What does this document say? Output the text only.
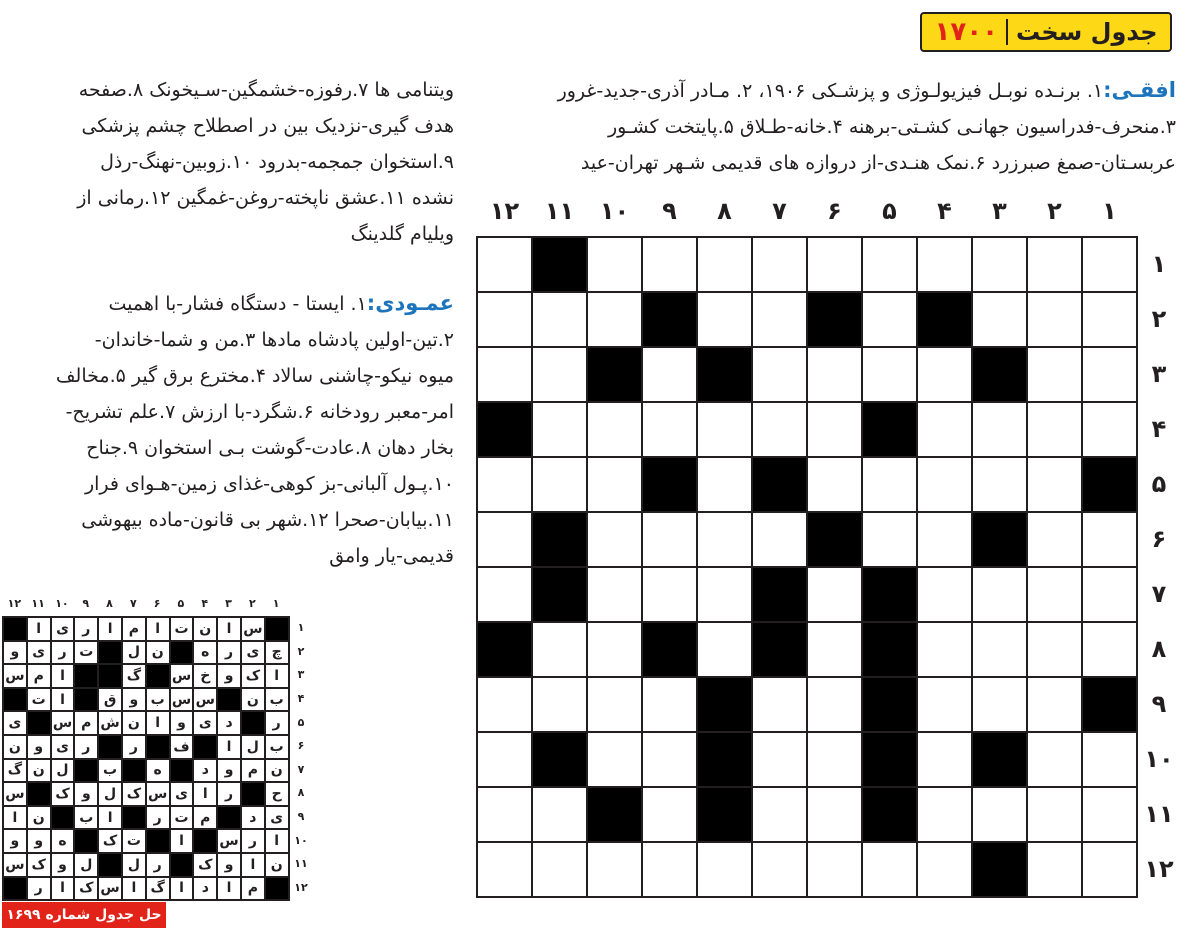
جدول سخت
۱۷۰۰
افقـی:۱. برنـده نوبـل فیزیولـوژی و پزشـکی ۱۹۰۶، ۲. مـادر آذری-جدید-غرور
۳.منحرف-فدراسیون جهانـی کشـتی-برهنه ۴.خانه-طـلاق ۵.پایتخت کشـور
عربسـتان-صمغ صبرزرد ۶.نمک هنـدی-از دروازه های قدیمی شـهر تهران-عید
ویتنامی ها ۷.رفوزه-خشمگین-سـیخونک ۸.صفحه
هدف گیری-نزدیک بین در اصطلاح چشم پزشکی
۹.استخوان جمجمه-بدرود ۱۰.زوبین-نهنگ-رذل
نشده ۱۱.عشق ناپخته-روغن-غمگین ۱۲.رمانی از
ویلیام گلدینگ
عمـودی:۱. ایستا - دستگاه فشار-با اهمیت
۲.تین-اولین پادشاه مادها ۳.من و شما-خاندان-
میوه نیکو-چاشنی سالاد ۴.مخترع برق گیر ۵.مخالف
امر-معبر رودخانه ۶.شگرد-با ارزش ۷.علم تشریح-
بخار دهان ۸.عادت-گوشت بـی استخوان ۹.جناح
۱۰.پـول آلبانی-بز کوهی-غذای زمین-هـوای فرار
۱۱.بیابان-صحرا ۱۲.شهر بی قانون-ماده بیهوشی
قدیمی-یار وامق
۱
۲
۳
۴
۵
۶
۷
۸
۹
۱۰
۱۱
۱۲
۱
۲
۳
۴
۵
۶
۷
۸
۹
۱۰
۱۱
۱۲
۱
۲
۳
۴
۵
۶
۷
۸
۹
۱۰
۱۱
۱۲
۱
۲
۳
۴
۵
۶
۷
۸
۹
۱۰
۱۱
۱۲
س
ا
ن
ت
ا
م
ا
ر
ی
ا
چ
ی
ر
ه
ن
ل
ت
ر
ی
و
ا
ک
و
خ
س
گ
ا
م
س
ب
ن
س
س
ب
و
ق
ا
ت
ر
د
ی
و
ا
ن
ش
م
س
ی
ب
ل
ا
ف
ر
ر
ی
و
ن
ن
م
و
د
ه
ب
ل
ن
گ
ح
ر
ا
ی
س
ک
ل
و
ک
س
ی
د
م
ت
ر
ا
ب
ن
ا
ا
ر
س
ا
ت
ک
ه
و
و
ن
ا
و
ک
ر
ل
ل
و
ک
س
م
ا
د
ا
گ
ا
س
ک
ا
ر
حل جدول شماره ۱۶۹۹
